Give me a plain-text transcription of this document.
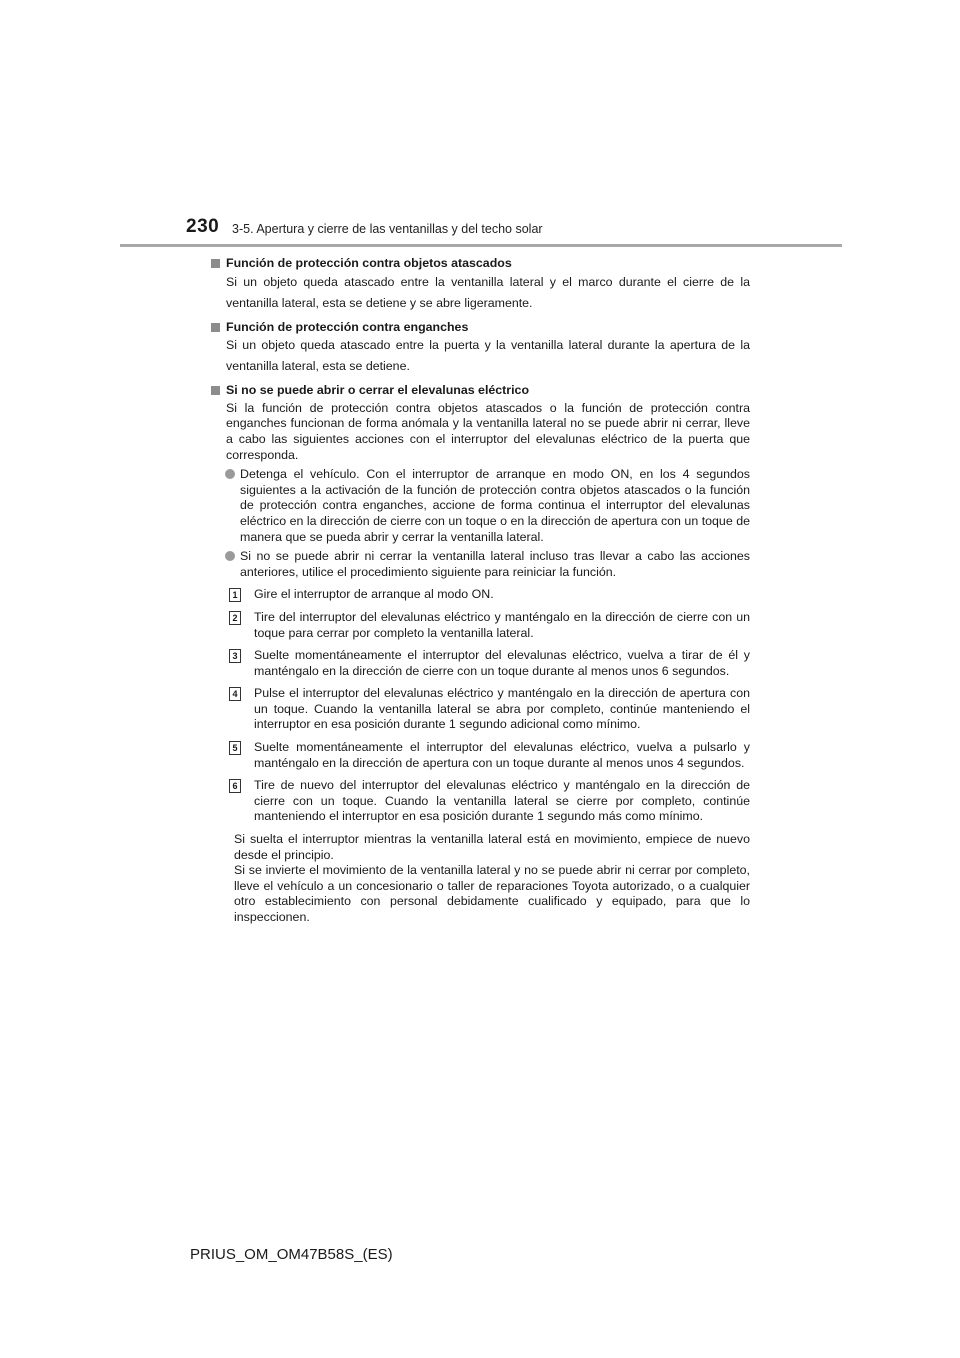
230 3-5. Apertura y cierre de las ventanillas y del techo solar
Función de protección contra objetos atascados
Si un objeto queda atascado entre la ventanilla lateral y el marco durante el cierre de la ventanilla lateral, esta se detiene y se abre ligeramente.
Función de protección contra enganches
Si un objeto queda atascado entre la puerta y la ventanilla lateral durante la apertura de la ventanilla lateral, esta se detiene.
Si no se puede abrir o cerrar el elevalunas eléctrico
Si la función de protección contra objetos atascados o la función de protección contra enganches funcionan de forma anómala y la ventanilla lateral no se puede abrir ni cerrar, lleve a cabo las siguientes acciones con el interruptor del elevalunas eléctrico de la puerta que corresponda.
Detenga el vehículo. Con el interruptor de arranque en modo ON, en los 4 segundos siguientes a la activación de la función de protección contra objetos atascados o la función de protección contra enganches, accione de forma continua el interruptor del elevalunas eléctrico en la dirección de cierre con un toque o en la dirección de apertura con un toque de manera que se pueda abrir y cerrar la ventanilla lateral.
Si no se puede abrir ni cerrar la ventanilla lateral incluso tras llevar a cabo las acciones anteriores, utilice el procedimiento siguiente para reiniciar la función.
1 Gire el interruptor de arranque al modo ON.
2 Tire del interruptor del elevalunas eléctrico y manténgalo en la dirección de cierre con un toque para cerrar por completo la ventanilla lateral.
3 Suelte momentáneamente el interruptor del elevalunas eléctrico, vuelva a tirar de él y manténgalo en la dirección de cierre con un toque durante al menos unos 6 segundos.
4 Pulse el interruptor del elevalunas eléctrico y manténgalo en la dirección de apertura con un toque. Cuando la ventanilla lateral se abra por completo, continúe manteniendo el interruptor en esa posición durante 1 segundo adicional como mínimo.
5 Suelte momentáneamente el interruptor del elevalunas eléctrico, vuelva a pulsarlo y manténgalo en la dirección de apertura con un toque durante al menos unos 4 segundos.
6 Tire de nuevo del interruptor del elevalunas eléctrico y manténgalo en la dirección de cierre con un toque. Cuando la ventanilla lateral se cierre por completo, continúe manteniendo el interruptor en esa posición durante 1 segundo más como mínimo.
Si suelta el interruptor mientras la ventanilla lateral está en movimiento, empiece de nuevo desde el principio.
Si se invierte el movimiento de la ventanilla lateral y no se puede abrir ni cerrar por completo, lleve el vehículo a un concesionario o taller de reparaciones Toyota autorizado, o a cualquier otro establecimiento con personal debidamente cualificado y equipado, para que lo inspeccionen.
PRIUS_OM_OM47B58S_(ES)
